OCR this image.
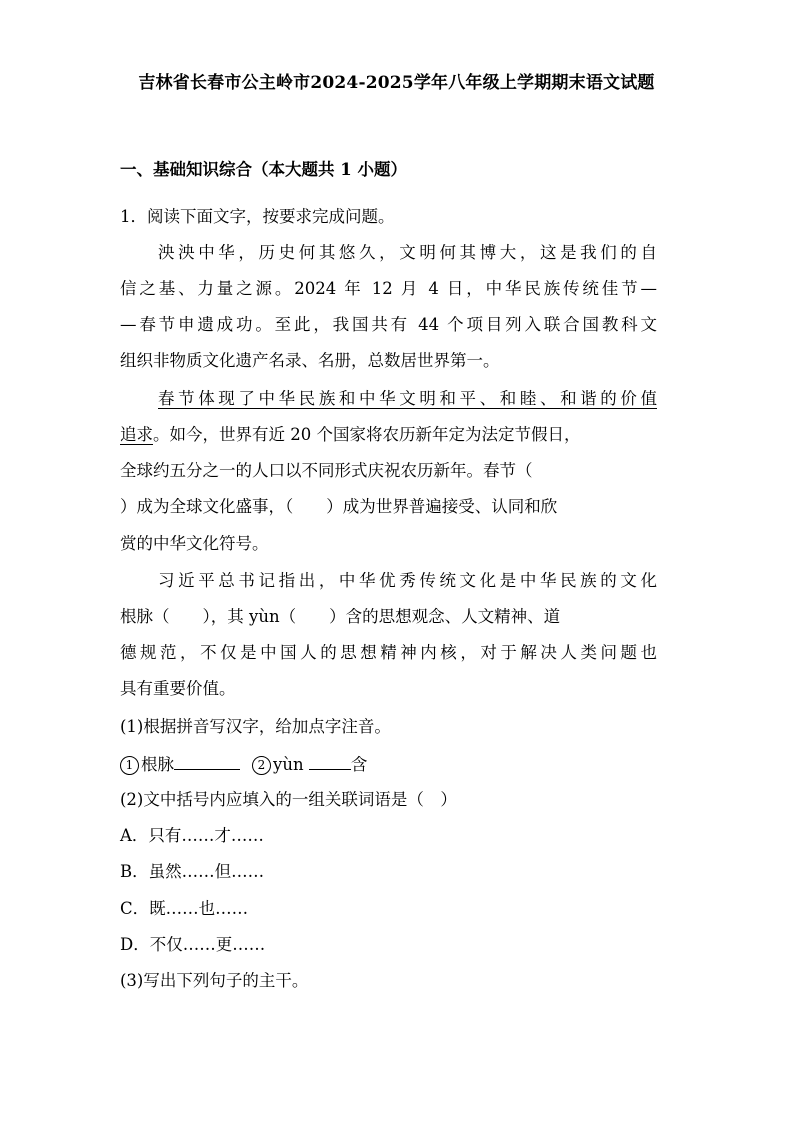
吉林省长春市公主岭市2024-2025学年八年级上学期期末语文试题
一、基础知识综合（本大题共 1 小题）
1．阅读下面文字，按要求完成问题。
泱泱中华，历史何其悠久，文明何其博大，这是我们的自
信之基、力量之源。2024 年 12 月 4 日，中华民族传统佳节—
—春节申遗成功。至此，我国共有 44 个项目列入联合国教科文
组织非物质文化遗产名录、名册，总数居世界第一。
春节体现了中华民族和中华文明和平、和睦、和谐的价值
追求。如今，世界有近 20 个国家将农历新年定为法定节假日，
全球约五分之一的人口以不同形式庆祝农历新年。春节（
）成为全球文化盛事，（　　）成为世界普遍接受、认同和欣
赏的中华文化符号。
习近平总书记指出，中华优秀传统文化是中华民族的文化
根脉（　　），其 yùn（　　）含的思想观念、人文精神、道
德规范，不仅是中国人的思想精神内核，对于解决人类问题也
具有重要价值。
(1)根据拼音写汉字，给加点字注音。
1 根脉	2 yùn	含
(2)文中括号内应填入的一组关联词语是（　）
A．只有……才……
B．虽然……但……
C．既……也……
D．不仅……更……
(3)写出下列句子的主干。
